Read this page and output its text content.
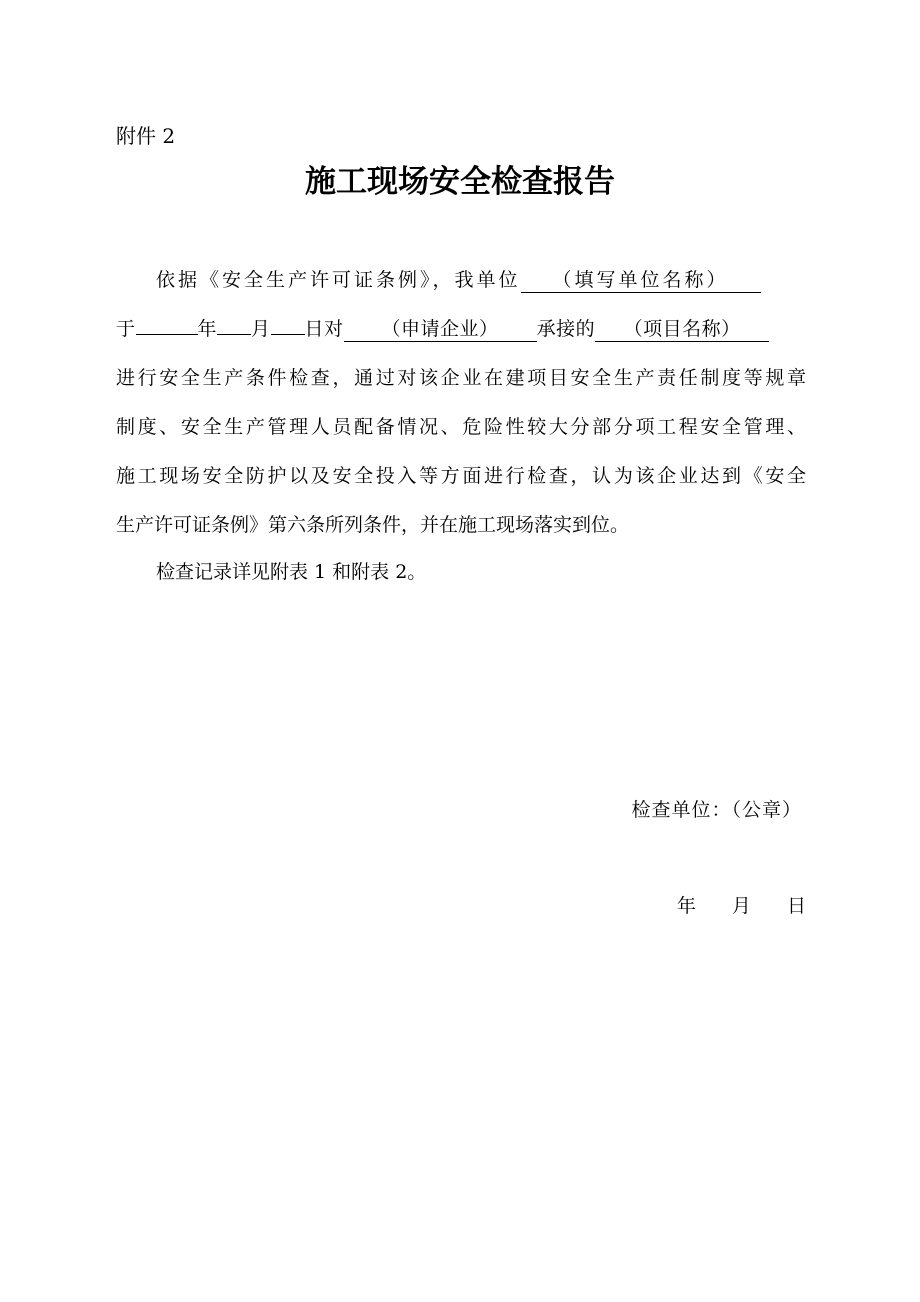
附件 2
施工现场安全检查报告
依据《安全生产许可证条例》，我单位 （填写单位名称）
于	年 月 日对 （申请企业） 承接的 （项目名称）
进行安全生产条件检查，通过对该企业在建项目安全生产责任制度等规章
制度、安全生产管理人员配备情况、危险性较大分部分项工程安全管理、
施工现场安全防护以及安全投入等方面进行检查，认为该企业达到《安全
生产许可证条例》第六条所列条件，并在施工现场落实到位。
检查记录详见附表 1 和附表 2。
检查单位：（公章）
年 月 日
